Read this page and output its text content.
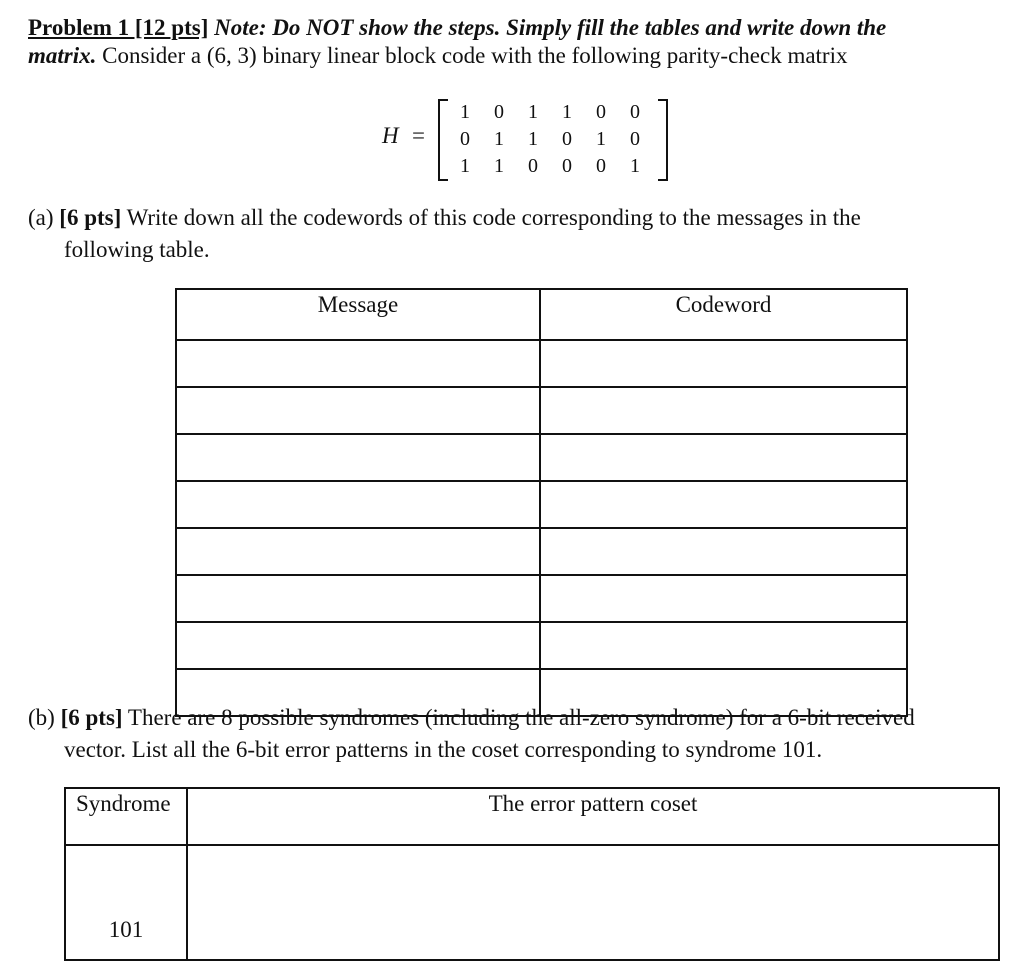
Problem 1 [12 pts] Note: Do NOT show the steps. Simply fill the tables and write down the
matrix. Consider a (6, 3) binary linear block code with the following parity-check matrix
H =
1	0	1	1	0	0
0	1	1	0	1	0
1	1	0	0	0	1
(a) [6 pts] Write down all the codewords of this code corresponding to the messages in the
following table.
Message	Codeword

(b) [6 pts] There are 8 possible syndromes (including the all-zero syndrome) for a 6-bit received
vector. List all the 6-bit error patterns in the coset corresponding to syndrome 101.
Syndrome	The error pattern coset
101	
